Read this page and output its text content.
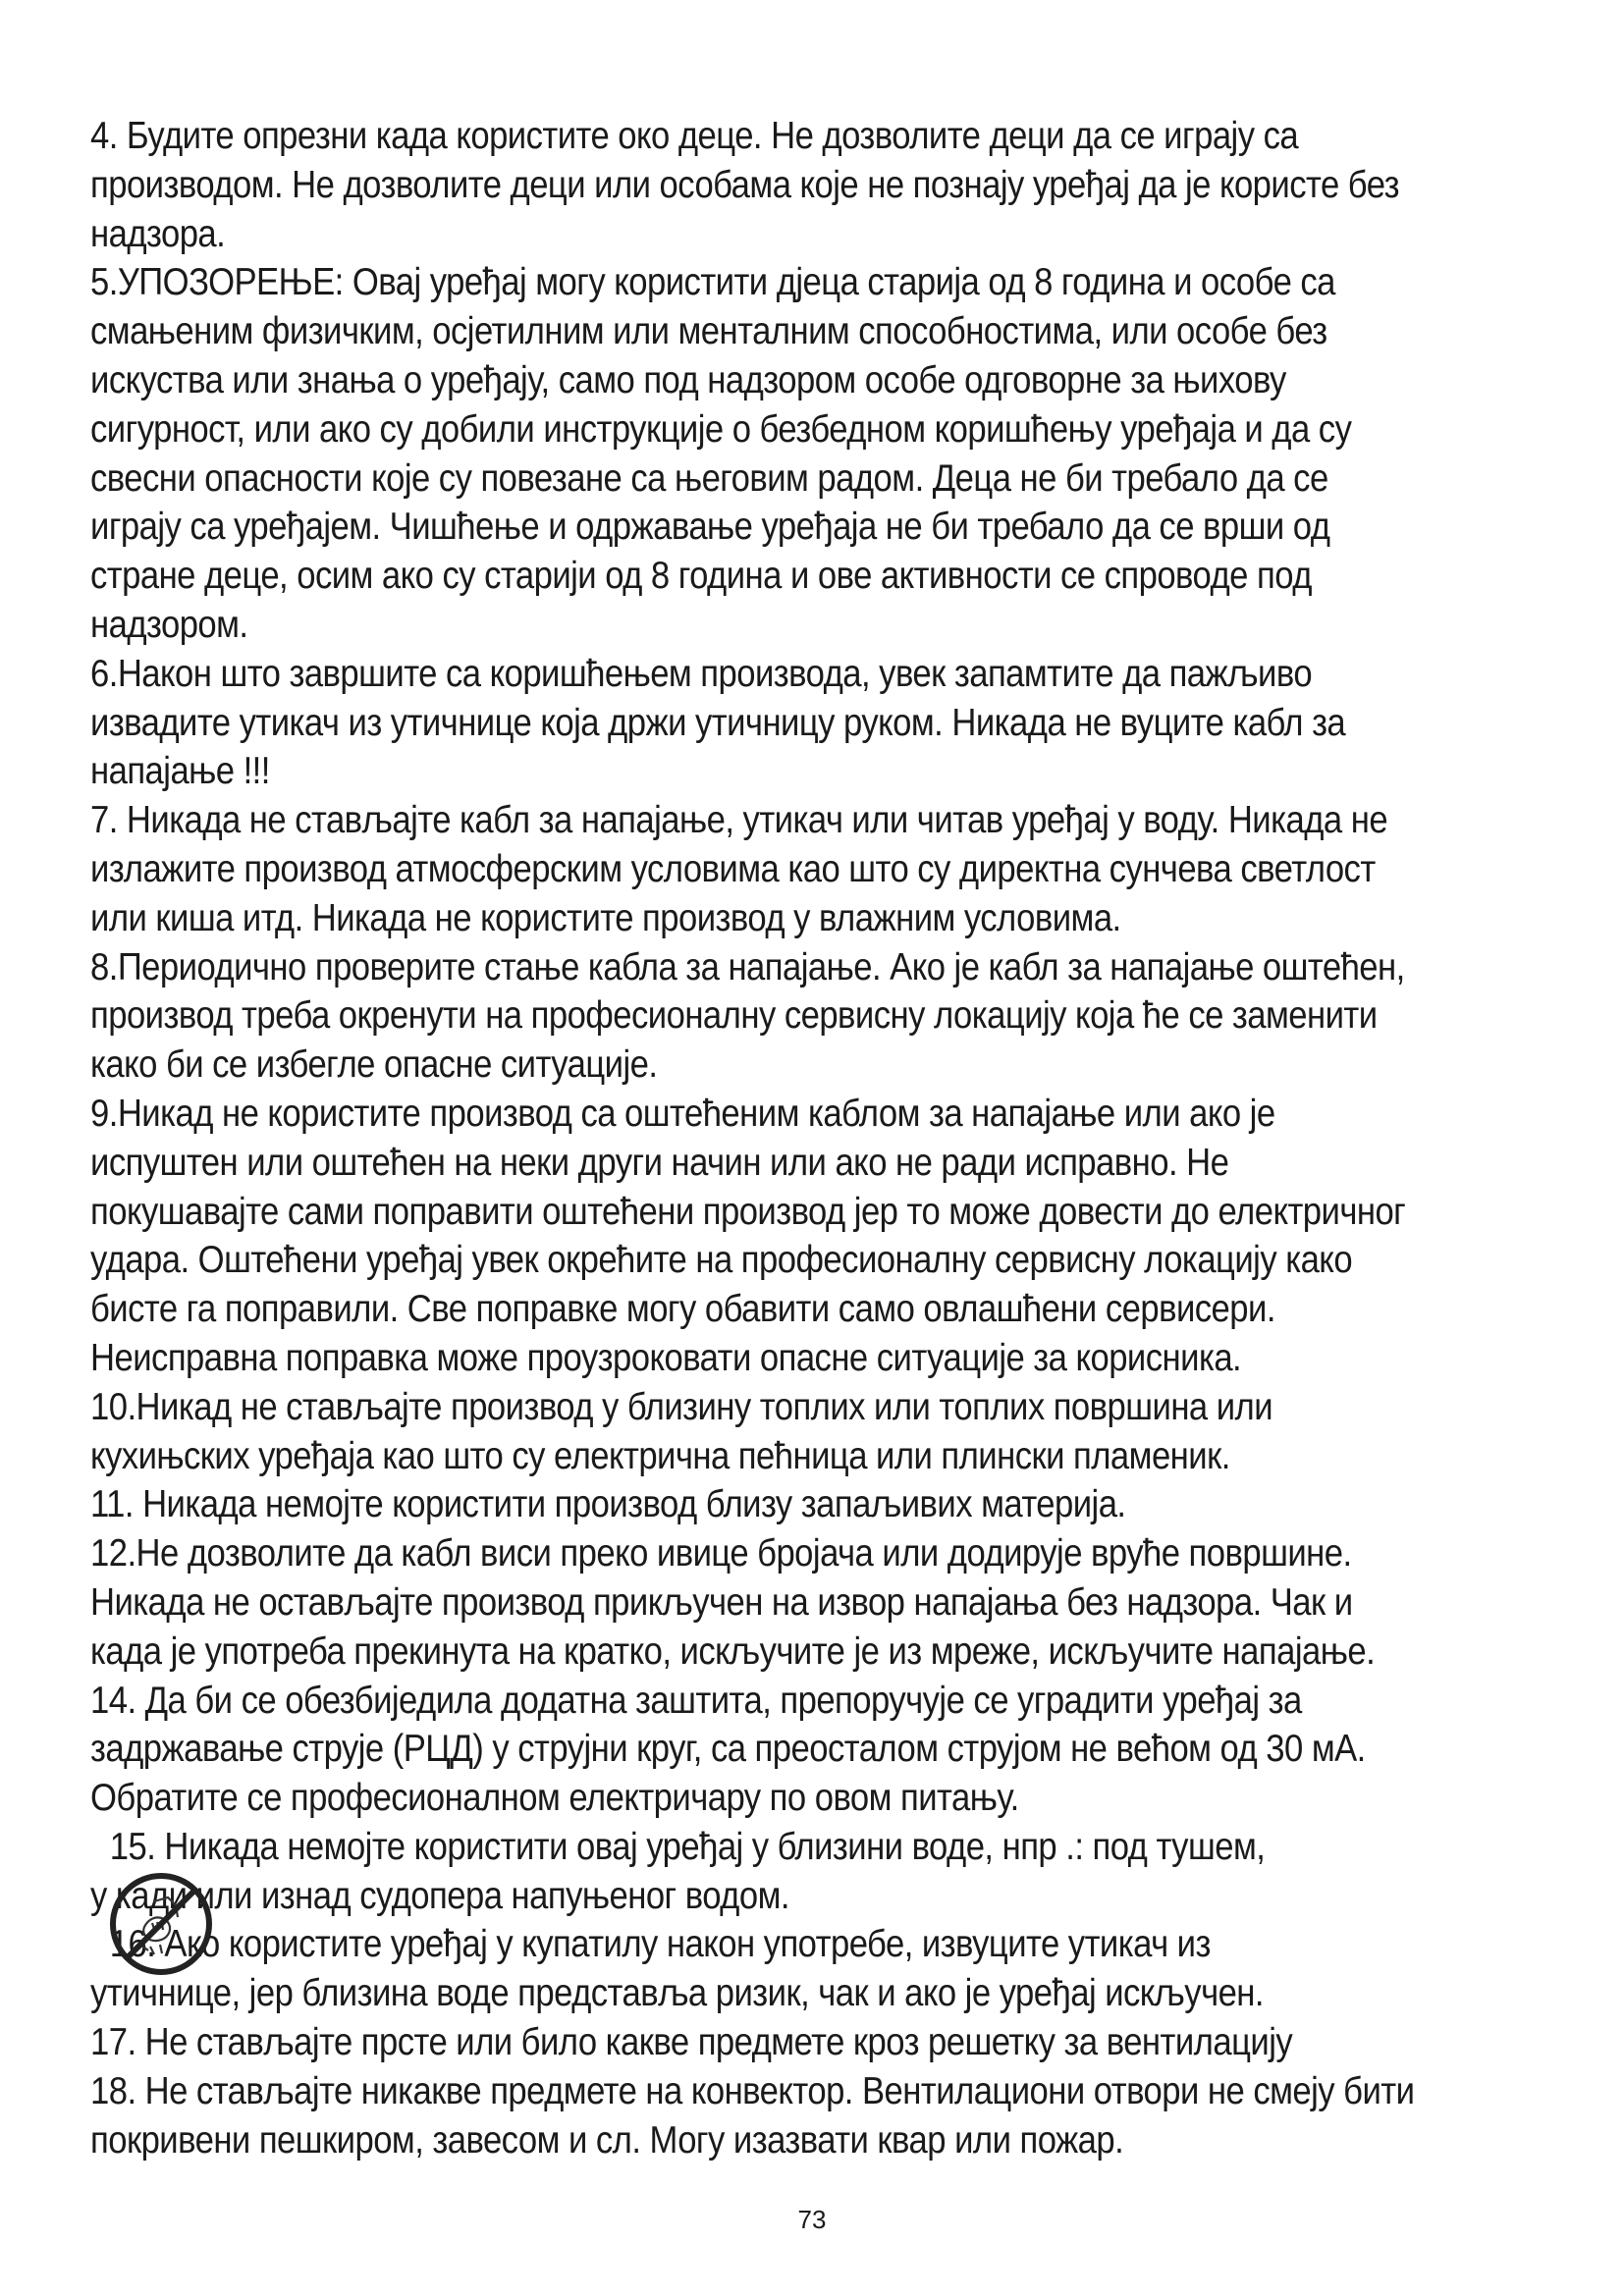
4. Будите опрезни када користите око деце. Не дозволите деци да се играју са
производом. Не дозволите деци или особама које не познају уређај да је користе без
надзора.
5.УПОЗОРЕЊЕ: Овај уређај могу користити дјеца старија од 8 година и особе са
смањеним физичким, осјетилним или менталним способностима, или особе без
искуства или знања о уређају, само под надзором особе одговорне за њихову
сигурност, или ако су добили инструкције о безбедном коришћењу уређаја и да су
свесни опасности које су повезане са његовим радом. Деца не би требало да се
играју са уређајем. Чишћење и одржавање уређаја не би требало да се врши од
стране деце, осим ако су старији од 8 година и ове активности се спроводе под
надзором.
6.Након што завршите са коришћењем производа, увек запамтите да пажљиво
извадите утикач из утичнице која држи утичницу руком. Никада не вуците кабл за
напајање !!!
7. Никада не стављајте кабл за напајање, утикач или читав уређај у воду. Никада не
излажите производ атмосферским условима као што су директна сунчева светлост
или киша итд. Никада не користите производ у влажним условима.
8.Периодично проверите стање кабла за напајање. Ако је кабл за напајање оштећен,
производ треба окренути на професионалну сервисну локацију која ће се заменити
како би се избегле опасне ситуације.
9.Никад не користите производ са оштећеним каблом за напајање или ако је
испуштен или оштећен на неки други начин или ако не ради исправно. Не
покушавајте сами поправити оштећени производ јер то може довести до електричног
удара. Оштећени уређај увек окрећите на професионалну сервисну локацију како
бисте га поправили. Све поправке могу обавити само овлашћени сервисери.
Неисправна поправка може проузроковати опасне ситуације за корисника.
10.Никад не стављајте производ у близину топлих или топлих површина или
кухињских уређаја као што су електрична пећница или плински пламеник.
11. Никада немојте користити производ близу запаљивих материја.
12.Не дозволите да кабл виси преко ивице бројача или додирује вруће површине.
Никада не остављајте производ прикључен на извор напајања без надзора. Чак и
када је употреба прекинута на кратко, искључите је из мреже, искључите напајање.
14. Да би се обезбиједила додатна заштита, препоручује се уградити уређај за
задржавање струје (РЦД) у струјни круг, са преосталом струјом не већом од 30 мА.
Обратите се професионалном електричару по овом питању.
15. Никада немојте користити овај уређај у близини воде, нпр .: под тушем,
у кади или изнад судопера напуњеног водом.
16. Ако користите уређај у купатилу након употребе, извуците утикач из
утичнице, јер близина воде представља ризик, чак и ако је уређај искључен.
17. Не стављајте прсте или било какве предмете кроз решетку за вентилацију
18. Не стављајте никакве предмете на конвектор. Вентилациони отвори не смеју бити
покривени пешкиром, завесом и сл. Могу изазвати квар или пожар.
73
